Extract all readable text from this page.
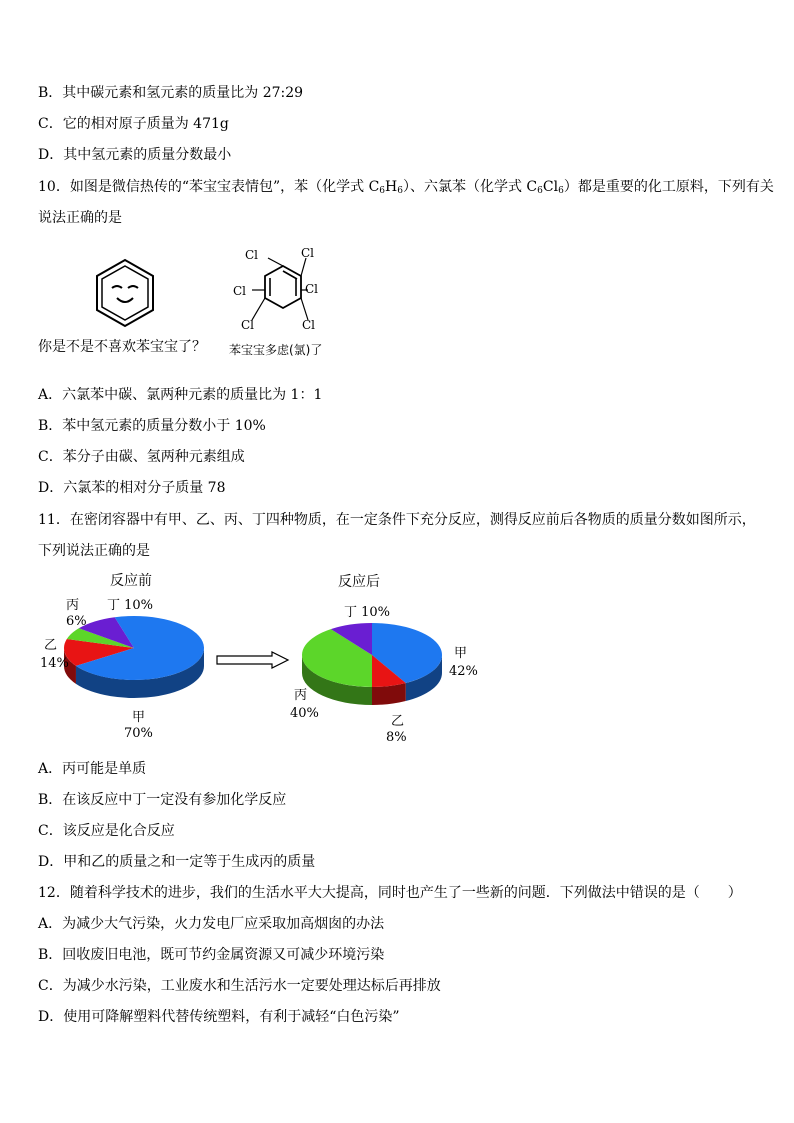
B．其中碳元素和氢元素的质量比为 27:29
C．它的相对原子质量为 471g
D．其中氢元素的质量分数最小
10．如图是微信热传的“苯宝宝表情包”，苯（化学式 $C_6H_6$）、六氯苯（化学式 $C_6Cl_6$）都是重要的化工原料，下列有关
说法正确的是
Cl	Cl
Cl	Cl
Cl	Cl
你是不是不喜欢苯宝宝了？ 苯宝宝多虑(氯)了
A．六氯苯中碳、氯两种元素的质量比为 1：1
B．苯中氢元素的质量分数小于 10%
C．苯分子由碳、氢两种元素组成
D．六氯苯的相对分子质量 78
11．在密闭容器中有甲、乙、丙、丁四种物质，在一定条件下充分反应，测得反应前后各物质的质量分数如图所示，
下列说法正确的是
反应前
丁 10%
丙
6%
乙
14%
甲
70%
反应后
丁 10%
甲
42%
丙
40%
乙
8%
A．丙可能是单质
B．在该反应中丁一定没有参加化学反应
C．该反应是化合反应
D．甲和乙的质量之和一定等于生成丙的质量
12．随着科学技术的进步，我们的生活水平大大提高，同时也产生了一些新的问题．下列做法中错误的是（　　）
A．为减少大气污染，火力发电厂应采取加高烟囱的办法
B．回收废旧电池，既可节约金属资源又可减少环境污染
C．为减少水污染，工业废水和生活污水一定要处理达标后再排放
D．使用可降解塑料代替传统塑料，有利于减轻“白色污染”
